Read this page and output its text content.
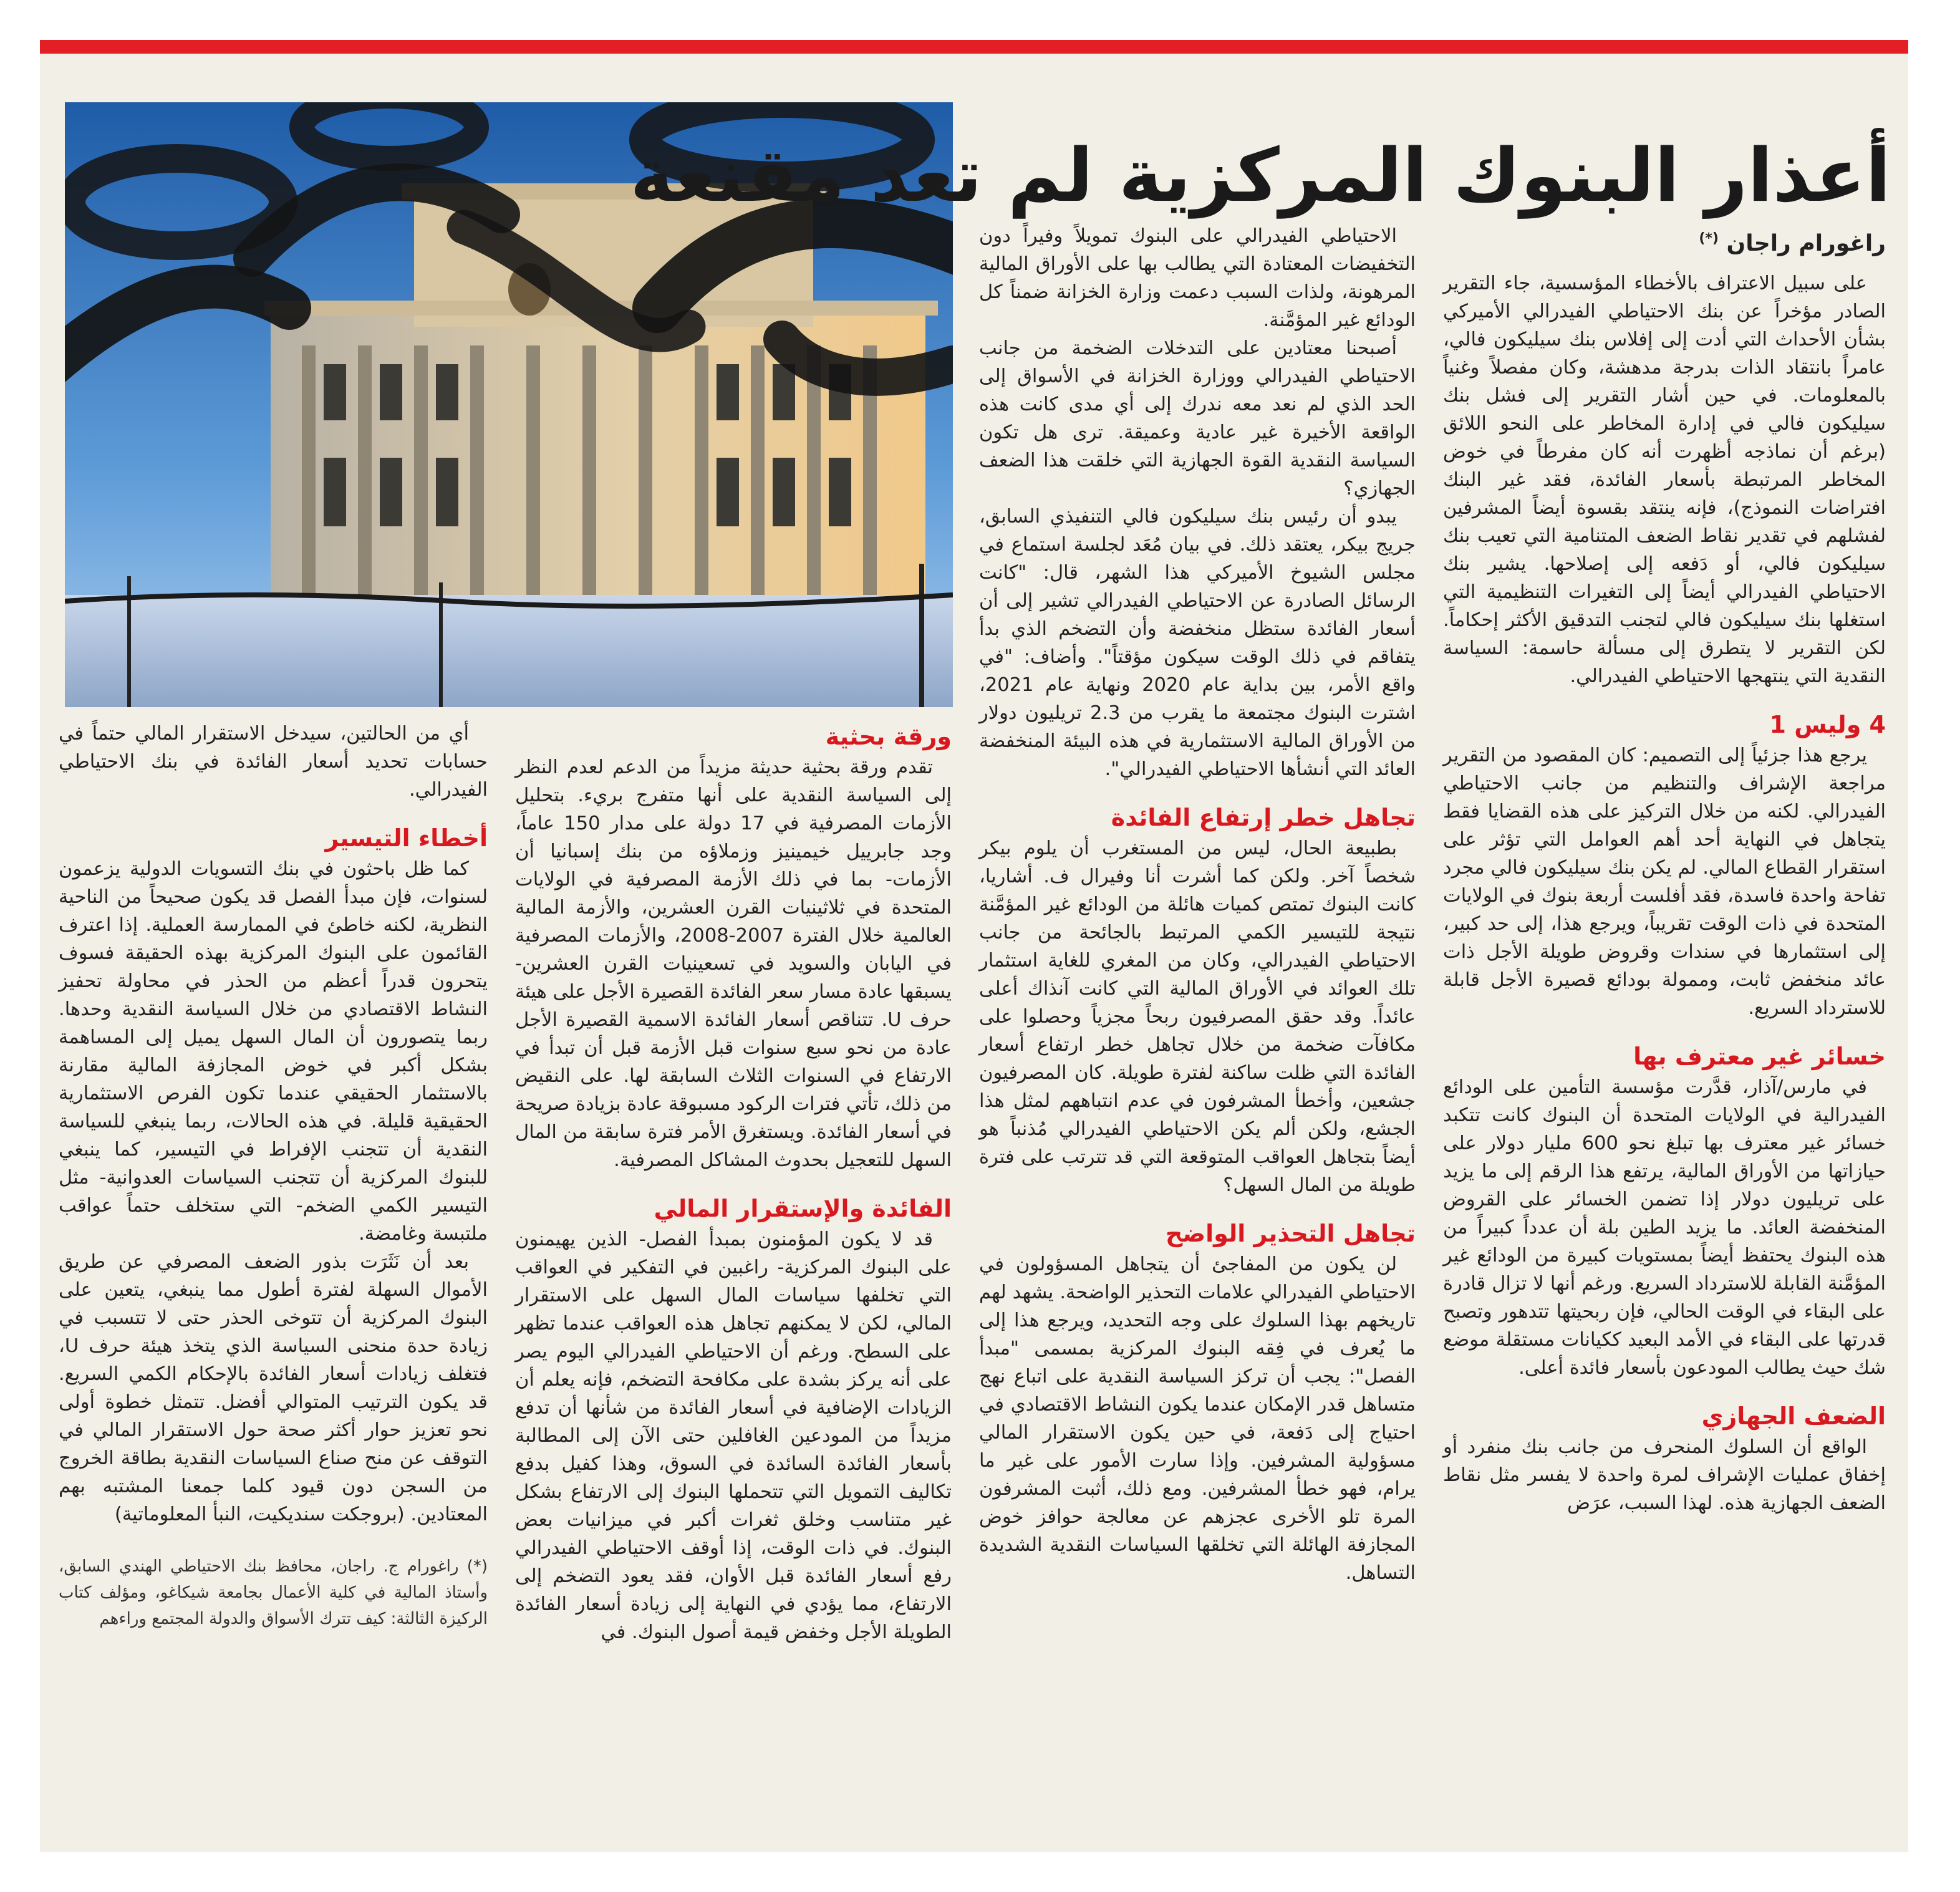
أعذار البنوك المركزية لم تعد مقنعة
راغورام راجان (*)

على سبيل الاعتراف بالأخطاء المؤسسية، جاء التقرير الصادر مؤخراً عن بنك الاحتياطي الفيدرالي الأميركي بشأن الأحداث التي أدت إلى إفلاس بنك سيليكون فالي، عامراً بانتقاد الذات بدرجة مدهشة، وكان مفصلاً وغنياً بالمعلومات. في حين أشار التقرير إلى فشل بنك سيليكون فالي في إدارة المخاطر على النحو اللائق (برغم أن نماذجه أظهرت أنه كان مفرطاً في خوض المخاطر المرتبطة بأسعار الفائدة، فقد غير البنك افتراضات النموذج)، فإنه ينتقد بقسوة أيضاً المشرفين لفشلهم في تقدير نقاط الضعف المتنامية التي تعيب بنك سيليكون فالي، أو دَفعه إلى إصلاحها. يشير بنك الاحتياطي الفيدرالي أيضاً إلى التغيرات التنظيمية التي استغلها بنك سيليكون فالي لتجنب التدقيق الأكثر إحكاماً. لكن التقرير لا يتطرق إلى مسألة حاسمة: السياسة النقدية التي ينتهجها الاحتياطي الفيدرالي.

4 وليس 1

يرجع هذا جزئياً إلى التصميم: كان المقصود من التقرير مراجعة الإشراف والتنظيم من جانب الاحتياطي الفيدرالي. لكنه من خلال التركيز على هذه القضايا فقط يتجاهل في النهاية أحد أهم العوامل التي تؤثر على استقرار القطاع المالي. لم يكن بنك سيليكون فالي مجرد تفاحة واحدة فاسدة، فقد أفلست أربعة بنوك في الولايات المتحدة في ذات الوقت تقريباً، ويرجع هذا، إلى حد كبير، إلى استثمارها في سندات وقروض طويلة الأجل ذات عائد منخفض ثابت، وممولة بودائع قصيرة الأجل قابلة للاسترداد السريع.

خسائر غير معترف بها

في مارس/آذار، قدَّرت مؤسسة التأمين على الودائع الفيدرالية في الولايات المتحدة أن البنوك كانت تتكبد خسائر غير معترف بها تبلغ نحو 600 مليار دولار على حيازاتها من الأوراق المالية، يرتفع هذا الرقم إلى ما يزيد على تريليون دولار إذا تضمن الخسائر على القروض المنخفضة العائد. ما يزيد الطين بلة أن عدداً كبيراً من هذه البنوك يحتفظ أيضاً بمستويات كبيرة من الودائع غير المؤمَّنة القابلة للاسترداد السريع. ورغم أنها لا تزال قادرة على البقاء في الوقت الحالي، فإن ربحيتها تتدهور وتصبح قدرتها على البقاء في الأمد البعيد ككيانات مستقلة موضع شك حيث يطالب المودعون بأسعار فائدة أعلى.

الضعف الجهازي

الواقع أن السلوك المنحرف من جانب بنك منفرد أو إخفاق عمليات الإشراف لمرة واحدة لا يفسر مثل نقاط الضعف الجهازية هذه. لهذا السبب، عرَض

الاحتياطي الفيدرالي على البنوك تمويلاً وفيراً دون التخفيضات المعتادة التي يطالب بها على الأوراق المالية المرهونة، ولذات السبب دعمت وزارة الخزانة ضمناً كل الودائع غير المؤمَّنة.

أصبحنا معتادين على التدخلات الضخمة من جانب الاحتياطي الفيدرالي ووزارة الخزانة في الأسواق إلى الحد الذي لم نعد معه ندرك إلى أي مدى كانت هذه الواقعة الأخيرة غير عادية وعميقة. ترى هل تكون السياسة النقدية القوة الجهازية التي خلقت هذا الضعف الجهازي؟

يبدو أن رئيس بنك سيليكون فالي التنفيذي السابق، جريج بيكر، يعتقد ذلك. في بيان مُعَد لجلسة استماع في مجلس الشيوخ الأميركي هذا الشهر، قال: "كانت الرسائل الصادرة عن الاحتياطي الفيدرالي تشير إلى أن أسعار الفائدة ستظل منخفضة وأن التضخم الذي بدأ يتفاقم في ذلك الوقت سيكون مؤقتاً". وأضاف: "في واقع الأمر، بين بداية عام 2020 ونهاية عام 2021، اشترت البنوك مجتمعة ما يقرب من 2.3 تريليون دولار من الأوراق المالية الاستثمارية في هذه البيئة المنخفضة العائد التي أنشأها الاحتياطي الفيدرالي".

تجاهل خطر إرتفاع الفائدة

بطبيعة الحال، ليس من المستغرب أن يلوم بيكر شخصاً آخر. ولكن كما أشرت أنا وفيرال ف. أشاريا، كانت البنوك تمتص كميات هائلة من الودائع غير المؤمَّنة نتيجة للتيسير الكمي المرتبط بالجائحة من جانب الاحتياطي الفيدرالي، وكان من المغري للغاية استثمار تلك العوائد في الأوراق المالية التي كانت آنذاك أعلى عائداً. وقد حقق المصرفيون ربحاً مجزياً وحصلوا على مكافآت ضخمة من خلال تجاهل خطر ارتفاع أسعار الفائدة التي ظلت ساكنة لفترة طويلة. كان المصرفيون جشعين، وأخطأ المشرفون في عدم انتباههم لمثل هذا الجشع، ولكن ألم يكن الاحتياطي الفيدرالي مُذنباً هو أيضاً بتجاهل العواقب المتوقعة التي قد تترتب على فترة طويلة من المال السهل؟

تجاهل التحذير الواضح

لن يكون من المفاجئ أن يتجاهل المسؤولون في الاحتياطي الفيدرالي علامات التحذير الواضحة. يشهد لهم تاريخهم بهذا السلوك على وجه التحديد، ويرجع هذا إلى ما يُعرف في فِقه البنوك المركزية بمسمى "مبدأ الفصل": يجب أن تركز السياسة النقدية على اتباع نهج متساهل قدر الإمكان عندما يكون النشاط الاقتصادي في احتياج إلى دَفعة، في حين يكون الاستقرار المالي مسؤولية المشرفين. وإذا سارت الأمور على غير ما يرام، فهو خطأ المشرفين. ومع ذلك، أثبت المشرفون المرة تلو الأخرى عجزهم عن معالجة حوافز خوض المجازفة الهائلة التي تخلقها السياسات النقدية الشديدة التساهل.

ورقة بحثية

تقدم ورقة بحثية حديثة مزيداً من الدعم لعدم النظر إلى السياسة النقدية على أنها متفرج بريء. بتحليل الأزمات المصرفية في 17 دولة على مدار 150 عاماً، وجد جابرييل خيمينيز وزملاؤه من بنك إسبانيا أن الأزمات- بما في ذلك الأزمة المصرفية في الولايات المتحدة في ثلاثينيات القرن العشرين، والأزمة المالية العالمية خلال الفترة 2007-2008، والأزمات المصرفية في اليابان والسويد في تسعينيات القرن العشرين- يسبقها عادة مسار سعر الفائدة القصيرة الأجل على هيئة حرف U. تتناقص أسعار الفائدة الاسمية القصيرة الأجل عادة من نحو سبع سنوات قبل الأزمة قبل أن تبدأ في الارتفاع في السنوات الثلاث السابقة لها. على النقيض من ذلك، تأتي فترات الركود مسبوقة عادة بزيادة صريحة في أسعار الفائدة. ويستغرق الأمر فترة سابقة من المال السهل للتعجيل بحدوث المشاكل المصرفية.

الفائدة والإستقرار المالي

قد لا يكون المؤمنون بمبدأ الفصل- الذين يهيمنون على البنوك المركزية- راغبين في التفكير في العواقب التي تخلفها سياسات المال السهل على الاستقرار المالي، لكن لا يمكنهم تجاهل هذه العواقب عندما تظهر على السطح. ورغم أن الاحتياطي الفيدرالي اليوم يصر على أنه يركز بشدة على مكافحة التضخم، فإنه يعلم أن الزيادات الإضافية في أسعار الفائدة من شأنها أن تدفع مزيداً من المودعين الغافلين حتى الآن إلى المطالبة بأسعار الفائدة السائدة في السوق، وهذا كفيل بدفع تكاليف التمويل التي تتحملها البنوك إلى الارتفاع بشكل غير متناسب وخلق ثغرات أكبر في ميزانيات بعض البنوك. في ذات الوقت، إذا أوقف الاحتياطي الفيدرالي رفع أسعار الفائدة قبل الأوان، فقد يعود التضخم إلى الارتفاع، مما يؤدي في النهاية إلى زيادة أسعار الفائدة الطويلة الأجل وخفض قيمة أصول البنوك. في

أي من الحالتين، سيدخل الاستقرار المالي حتماً في حسابات تحديد أسعار الفائدة في بنك الاحتياطي الفيدرالي.

أخطاء التيسير

كما ظل باحثون في بنك التسويات الدولية يزعمون لسنوات، فإن مبدأ الفصل قد يكون صحيحاً من الناحية النظرية، لكنه خاطئ في الممارسة العملية. إذا اعترف القائمون على البنوك المركزية بهذه الحقيقة فسوف يتحرون قدراً أعظم من الحذر في محاولة تحفيز النشاط الاقتصادي من خلال السياسة النقدية وحدها. ربما يتصورون أن المال السهل يميل إلى المساهمة بشكل أكبر في خوض المجازفة المالية مقارنة بالاستثمار الحقيقي عندما تكون الفرص الاستثمارية الحقيقية قليلة. في هذه الحالات، ربما ينبغي للسياسة النقدية أن تتجنب الإفراط في التيسير، كما ينبغي للبنوك المركزية أن تتجنب السياسات العدوانية- مثل التيسير الكمي الضخم- التي ستخلف حتماً عواقب ملتبسة وغامضة.

بعد أن نَثَرَت بذور الضعف المصرفي عن طريق الأموال السهلة لفترة أطول مما ينبغي، يتعين على البنوك المركزية أن تتوخى الحذر حتى لا تتسبب في زيادة حدة منحنى السياسة الذي يتخذ هيئة حرف U، فتغلف زيادات أسعار الفائدة بالإحكام الكمي السريع. قد يكون الترتيب المتوالي أفضل. تتمثل خطوة أولى نحو تعزيز حوار أكثر صحة حول الاستقرار المالي في التوقف عن منح صناع السياسات النقدية بطاقة الخروج من السجن دون قيود كلما جمعنا المشتبه بهم المعتادين. (بروجكت سنديكيت، النبأ المعلوماتية)

(*) راغورام ج. راجان، محافظ بنك الاحتياطي الهندي السابق، وأستاذ المالية في كلية الأعمال بجامعة شيكاغو، ومؤلف كتاب الركيزة الثالثة: كيف تترك الأسواق والدولة المجتمع وراءهم
